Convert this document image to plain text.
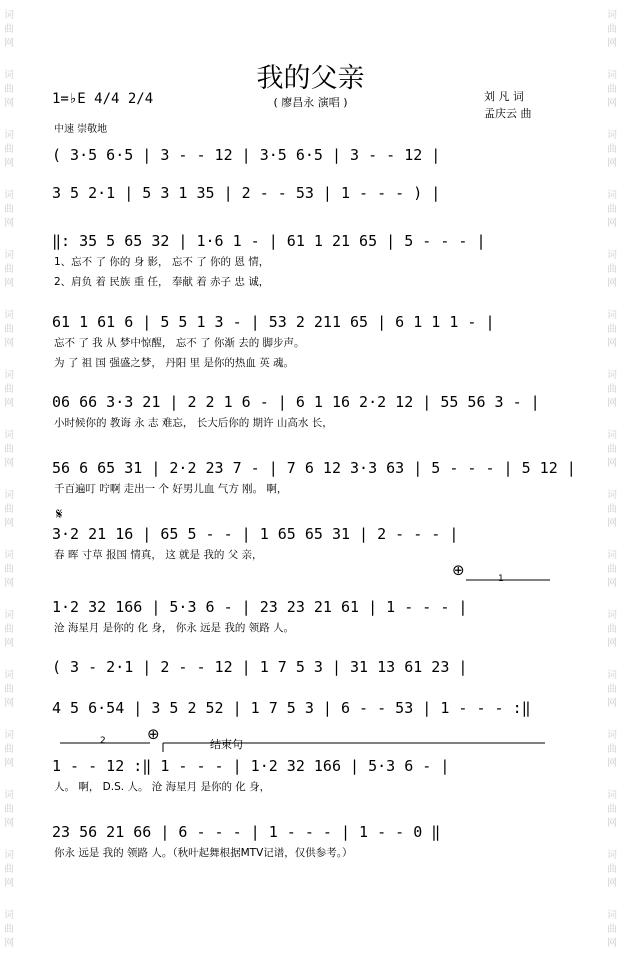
词
曲
网
词
曲
网
词
曲
网
词
曲
网
词
曲
网
词
曲
网
词
曲
网
词
曲
网
词
曲
网
词
曲
网
词
曲
网
词
曲
网
词
曲
网
词
曲
网
词
曲
网
词
曲
网
词
曲
网
词
曲
网
词
曲
网
词
曲
网
词
曲
网
词
曲
网
词
曲
网
词
曲
网
词
曲
网
词
曲
网
词
曲
网
词
曲
网
词
曲
网
词
曲
网
词
曲
网
词
曲
网
我的父亲
( 廖昌永 演唱 )	刘 凡 词
孟庆云 曲
1=♭E 4/4 2/4
中速 崇敬地
( 3·5 6·5 | 3 - - 12 | 3·5 6·5 | 3 - - 12 |
3 5 2·1 | 5 3 1 35 | 2 - - 53 | 1 - - - ) |
‖: 35 5 65 32 | 1·6 1 - | 61 1 21 65 | 5 - - - |
1、忘不 了 你的 身 影， 忘不 了 你的 恩 情，
2、肩负 着 民族 重 任， 奉献 着 赤子 忠 诚，
61 1 61 6 | 5 5 1 3 - | 53 2 211 65 | 6 1 1 1 - |
忘不 了 我 从 梦中惊醒， 忘不 了 你渐 去的 脚步声。
为 了 祖 国 强盛之梦， 丹阳 里 是你的热血 英 魂。
06 66 3·3 21 | 2 2 1 6 - | 6 1 16 2·2 12 | 55 56 3 - |
小时候你的 教诲 永 志 难忘， 长大后你的 期许 山高水 长，
56 6 65 31 | 2·2 23 7 - | 7 6 12 3·3 63 | 5 - - - | 5 12 |
千百遍叮 咛啊 走出一 个 好男儿血 气方 刚。 啊，
3·2 21 16 | 65 5 - - | 1 65 65 31 | 2 - - - |
春 晖 寸草 报国 情真， 这 就是 我的 父 亲，
1·2 32 166 | 5·3 6 - | 23 23 21 61 | 1 - - - |
沧 海星月 是你的 化 身， 你永 远是 我的 领路 人。
( 3 - 2·1 | 2 - - 12 | 1 7 5 3 | 31 13 61 23 |
4 5 6·54 | 3 5 2 52 | 1 7 5 3 | 6 - - 53 | 1 - - - :‖
1 - - 12 :‖ 1 - - - | 1·2 32 166 | 5·3 6 - |
人。 啊， D.S. 人。 沧 海星月 是你的 化 身，
23 56 21 66 | 6 - - - | 1 - - - | 1 - - 0 ‖
你永 远是 我的 领路 人。（秋叶起舞根据MTV记谱，仅供参考。）
1
2	结束句
𝄋
⊕
⊕
